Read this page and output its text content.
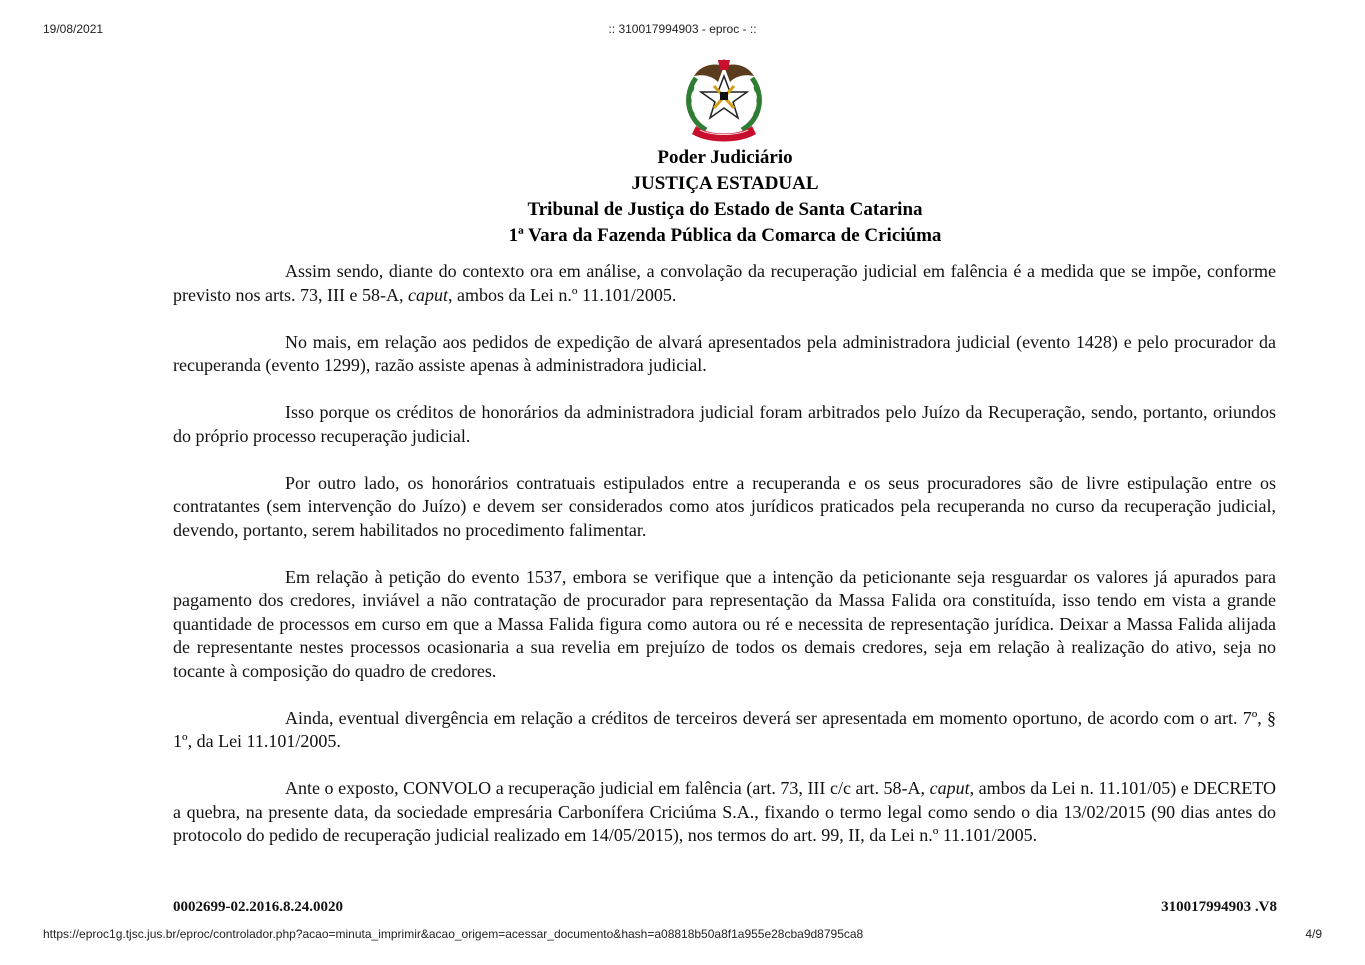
19/08/2021	:: 310017994903 - eproc - ::
Poder Judiciário
JUSTIÇA ESTADUAL
Tribunal de Justiça do Estado de Santa Catarina
1ª Vara da Fazenda Pública da Comarca de Criciúma

Assim sendo, diante do contexto ora em análise, a convolação da recuperação judicial em falência é a medida que se impõe, conforme previsto nos arts. 73, III e 58-A, caput, ambos da Lei n.º 11.101/2005.

No mais, em relação aos pedidos de expedição de alvará apresentados pela administradora judicial (evento 1428) e pelo procurador da recuperanda (evento 1299), razão assiste apenas à administradora judicial.

Isso porque os créditos de honorários da administradora judicial foram arbitrados pelo Juízo da Recuperação, sendo, portanto, oriundos do próprio processo recuperação judicial.

Por outro lado, os honorários contratuais estipulados entre a recuperanda e os seus procuradores são de livre estipulação entre os contratantes (sem intervenção do Juízo) e devem ser considerados como atos jurídicos praticados pela recuperanda no curso da recuperação judicial, devendo, portanto, serem habilitados no procedimento falimentar.

Em relação à petição do evento 1537, embora se verifique que a intenção da peticionante seja resguardar os valores já apurados para pagamento dos credores, inviável a não contratação de procurador para representação da Massa Falida ora constituída, isso tendo em vista a grande quantidade de processos em curso em que a Massa Falida figura como autora ou ré e necessita de representação jurídica. Deixar a Massa Falida alijada de representante nestes processos ocasionaria a sua revelia em prejuízo de todos os demais credores, seja em relação à realização do ativo, seja no tocante à composição do quadro de credores.

Ainda, eventual divergência em relação a créditos de terceiros deverá ser apresentada em momento oportuno, de acordo com o art. 7º, § 1º, da Lei 11.101/2005.

Ante o exposto, CONVOLO a recuperação judicial em falência (art. 73, III c/c art. 58-A, caput, ambos da Lei n. 11.101/05) e DECRETO a quebra, na presente data, da sociedade empresária Carbonífera Criciúma S.A., fixando o termo legal como sendo o dia 13/02/2015 (90 dias antes do protocolo do pedido de recuperação judicial realizado em 14/05/2015), nos termos do art. 99, II, da Lei n.º 11.101/2005.

0002699-02.2016.8.24.0020	310017994903 .V8
https://eproc1g.tjsc.jus.br/eproc/controlador.php?acao=minuta_imprimir&acao_origem=acessar_documento&hash=a08818b50a8f1a955e28cba9d8795ca8	4/9
